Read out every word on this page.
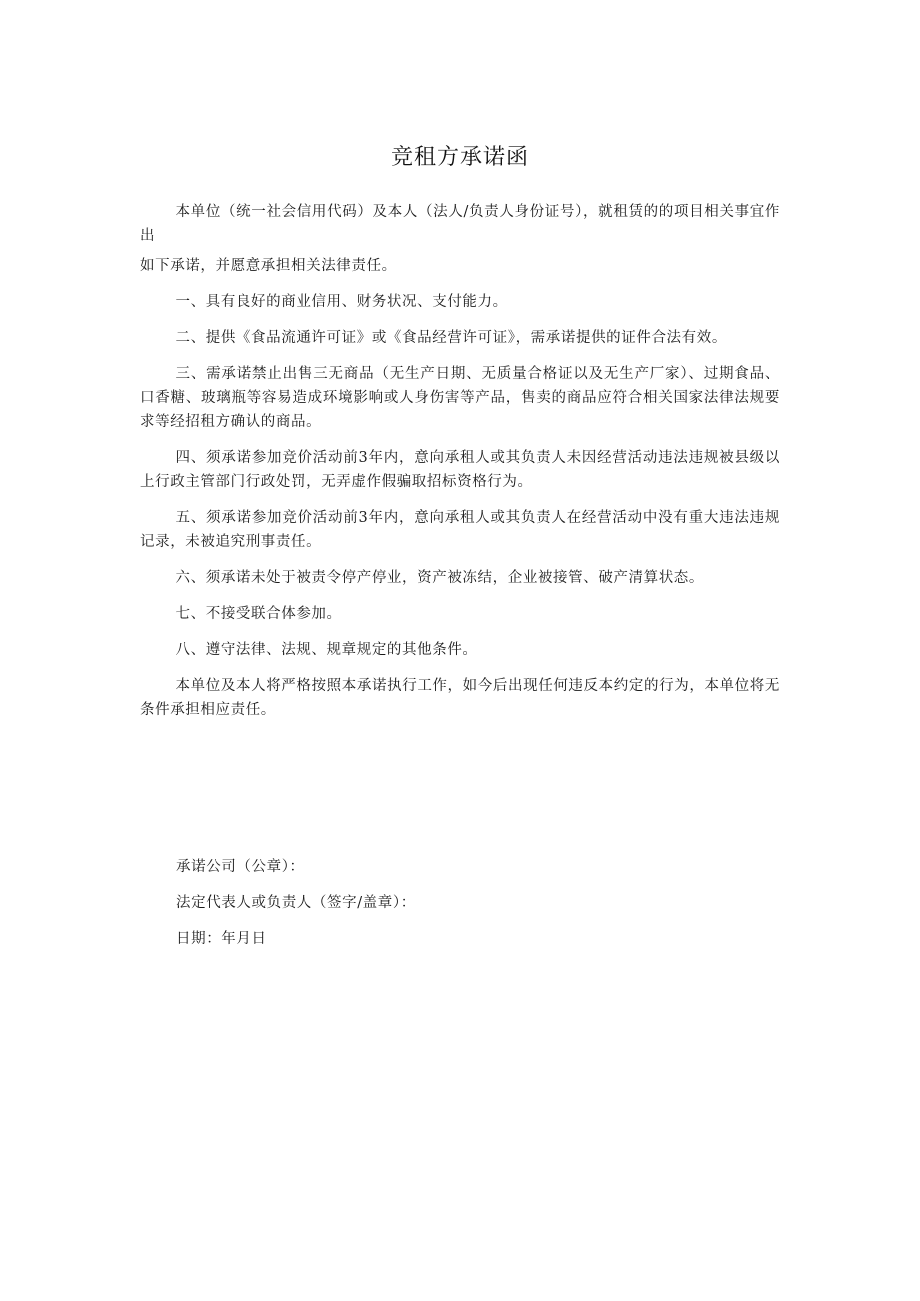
竞租方承诺函

本单位（统一社会信用代码）及本人（法人/负责人身份证号），就租赁的的项目相关事宜作出

如下承诺，并愿意承担相关法律责任。

一、具有良好的商业信用、财务状况、支付能力。

二、提供《食品流通许可证》或《食品经营许可证》，需承诺提供的证件合法有效。

三、需承诺禁止出售三无商品（无生产日期、无质量合格证以及无生产厂家）、过期食品、口香糖、玻璃瓶等容易造成环境影响或人身伤害等产品，售卖的商品应符合相关国家法律法规要求等经招租方确认的商品。

四、须承诺参加竞价活动前3年内，意向承租人或其负责人未因经营活动违法违规被县级以上行政主管部门行政处罚，无弄虚作假骗取招标资格行为。

五、须承诺参加竞价活动前3年内，意向承租人或其负责人在经营活动中没有重大违法违规记录，未被追究刑事责任。

六、须承诺未处于被责令停产停业，资产被冻结，企业被接管、破产清算状态。

七、不接受联合体参加。

八、遵守法律、法规、规章规定的其他条件。

本单位及本人将严格按照本承诺执行工作，如今后出现任何违反本约定的行为，本单位将无条件承担相应责任。

承诺公司（公章）：
法定代表人或负责人（签字/盖章）：
日期：年月日
